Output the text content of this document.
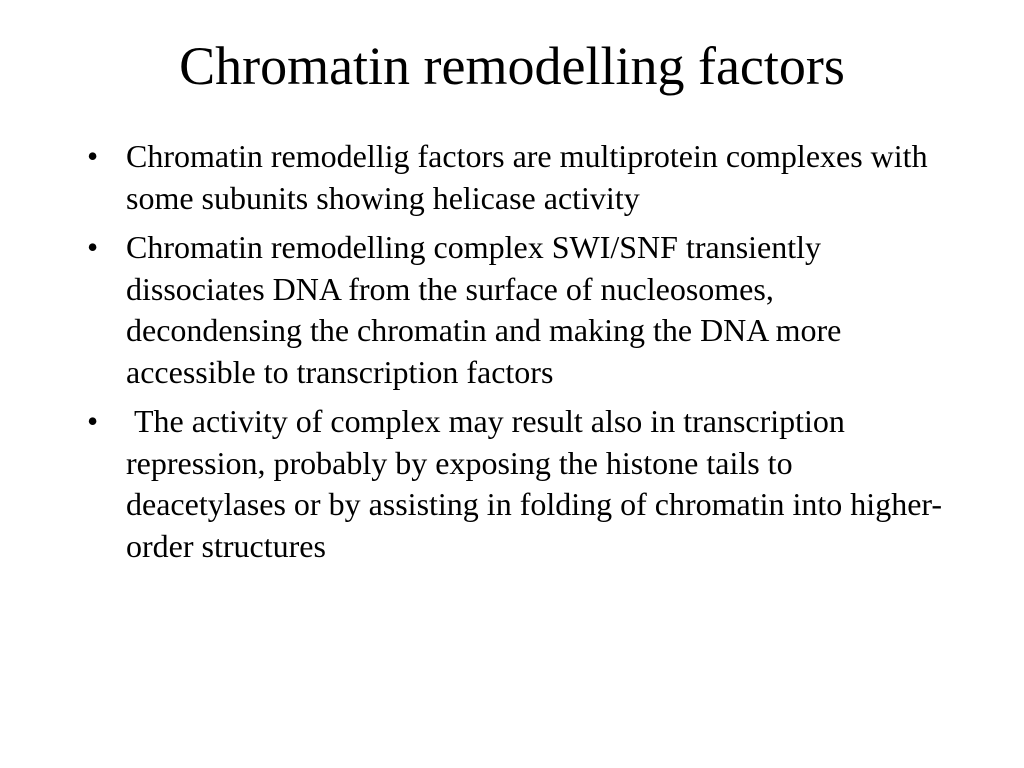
Chromatin remodelling factors
• Chromatin remodellig factors are multiprotein complexes with some subunits showing helicase activity
• Chromatin remodelling complex SWI/SNF transiently dissociates DNA from the surface of nucleosomes, decondensing the chromatin and making the DNA more accessible to transcription factors
• The activity of complex may result also in transcription repression, probably by exposing the histone tails to deacetylases or by assisting in folding of chromatin into higher-order structures
